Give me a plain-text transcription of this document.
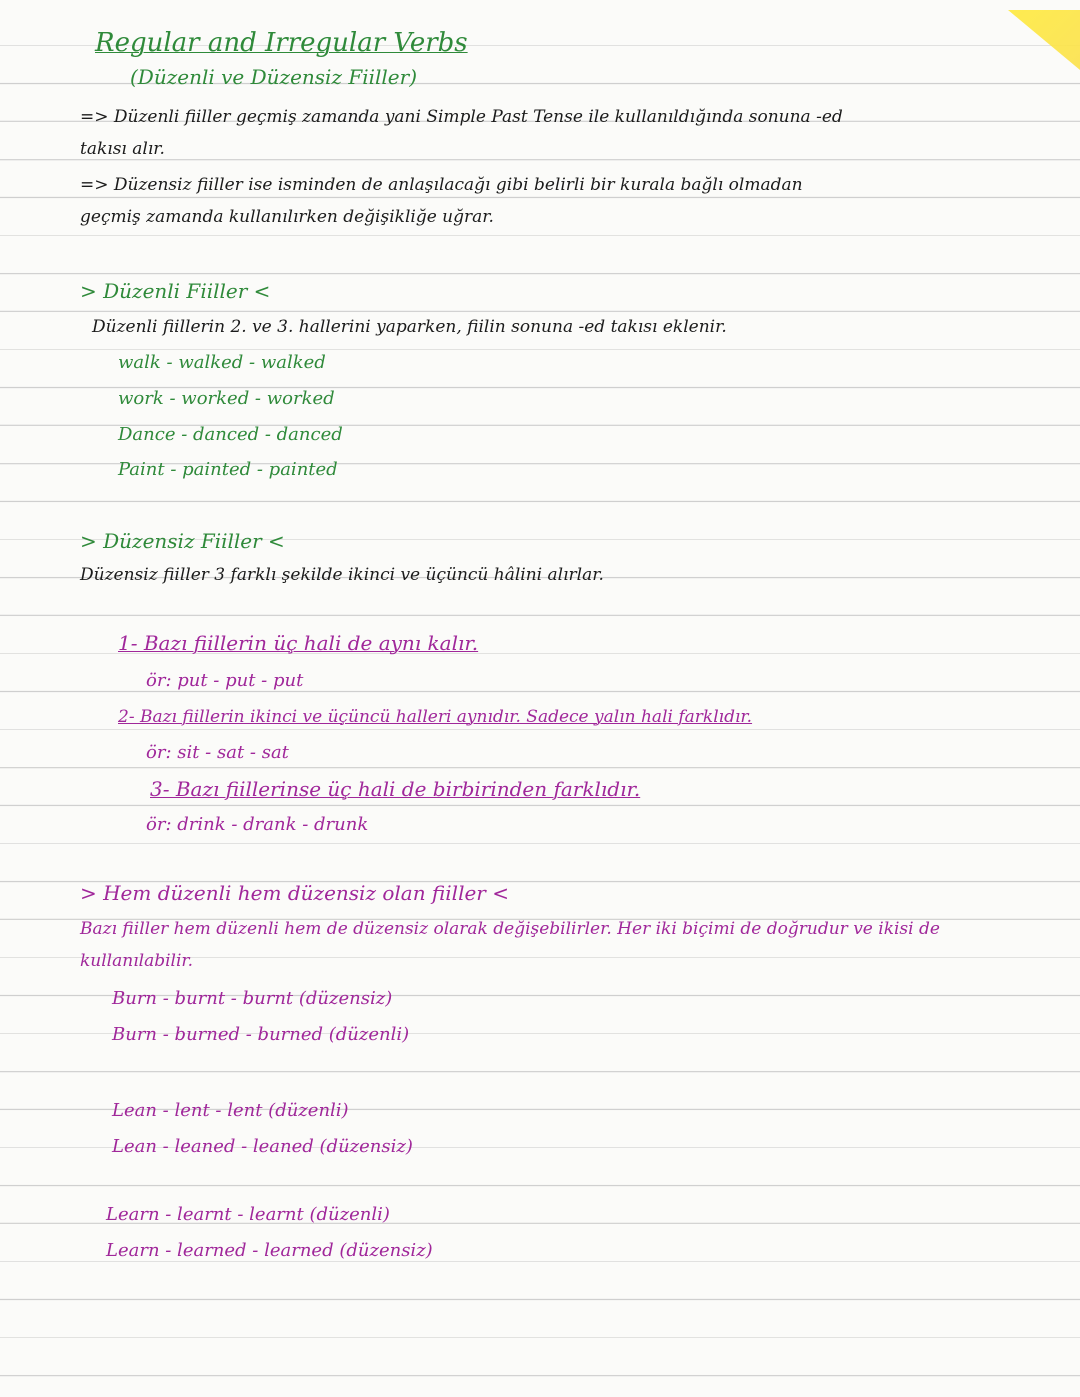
Regular and Irregular Verbs
(Düzenli ve Düzensiz Fiiller)
=> Düzenli fiiller geçmiş zamanda yani Simple Past Tense ile kullanıldığında sonuna -ed
takısı alır.
=> Düzensiz fiiller ise isminden de anlaşılacağı gibi belirli bir kurala bağlı olmadan
geçmiş zamanda kullanılırken değişikliğe uğrar.
> Düzenli Fiiller <
Düzenli fiillerin 2. ve 3. hallerini yaparken, fiilin sonuna -ed takısı eklenir.
walk - walked - walked
work - worked - worked
Dance - danced - danced
Paint - painted - painted
> Düzensiz Fiiller <
Düzensiz fiiller 3 farklı şekilde ikinci ve üçüncü hâlini alırlar.
1- Bazı fiillerin üç hali de aynı kalır.
ör: put - put - put
2- Bazı fiillerin ikinci ve üçüncü halleri aynıdır. Sadece yalın hali farklıdır.
ör: sit - sat - sat
3- Bazı fiillerinse üç hali de birbirinden farklıdır.
ör: drink - drank - drunk
> Hem düzenli hem düzensiz olan fiiller <
Bazı fiiller hem düzenli hem de düzensiz olarak değişebilirler. Her iki biçimi de doğrudur ve ikisi de
kullanılabilir.
Burn - burnt - burnt (düzensiz)
Burn - burned - burned (düzenli)
Lean - lent - lent (düzenli)
Lean - leaned - leaned (düzensiz)
Learn - learnt - learnt (düzenli)
Learn - learned - learned (düzensiz)
